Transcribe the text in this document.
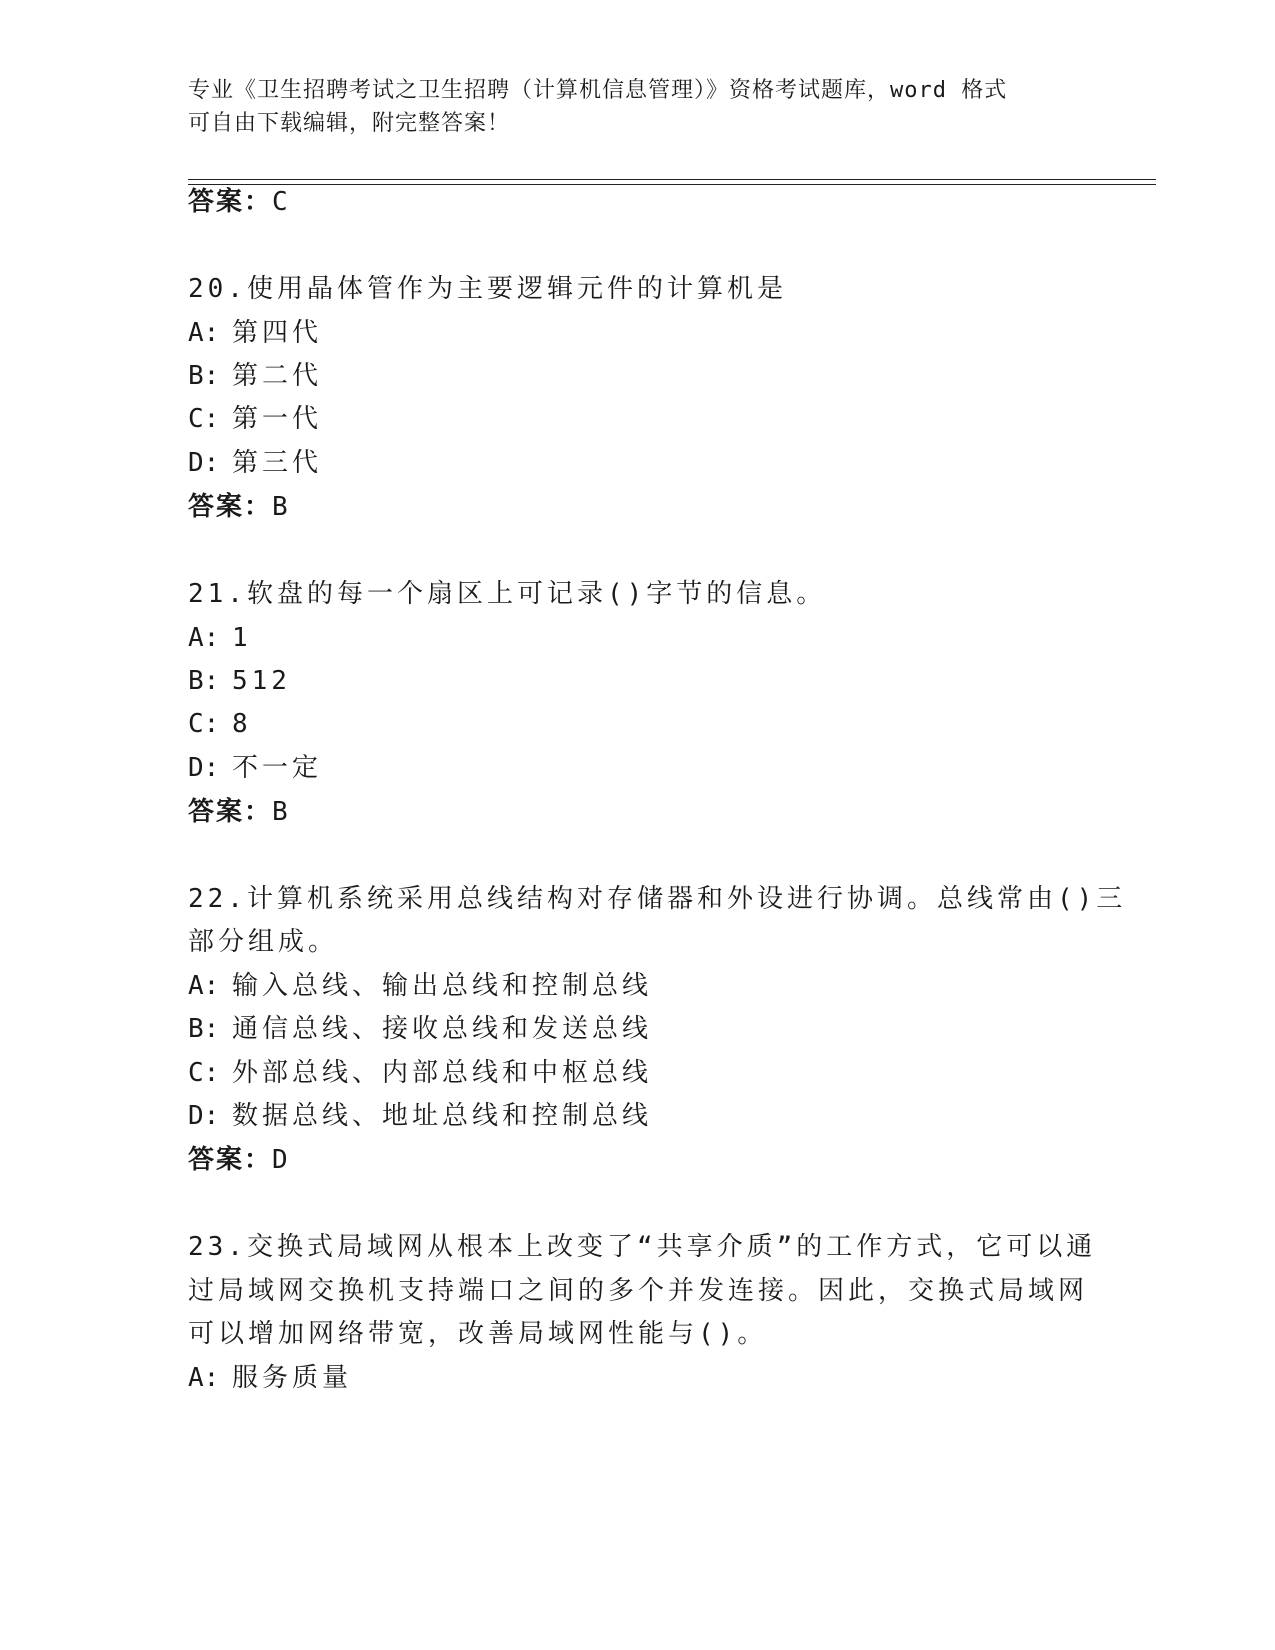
专业《卫生招聘考试之卫生招聘（计算机信息管理）》资格考试题库，word 格式
可自由下载编辑，附完整答案！
答案：C
20.使用晶体管作为主要逻辑元件的计算机是
A: 第四代
B: 第二代
C: 第一代
D: 第三代
答案：B
21.软盘的每一个扇区上可记录()字节的信息。
A: 1
B: 512
C: 8
D: 不一定
答案：B
22.计算机系统采用总线结构对存储器和外设进行协调。总线常由()三
部分组成。
A: 输入总线、输出总线和控制总线
B: 通信总线、接收总线和发送总线
C: 外部总线、内部总线和中枢总线
D: 数据总线、地址总线和控制总线
答案：D
23.交换式局域网从根本上改变了“共享介质”的工作方式，它可以通
过局域网交换机支持端口之间的多个并发连接。因此，交换式局域网
可以增加网络带宽，改善局域网性能与()。
A: 服务质量
